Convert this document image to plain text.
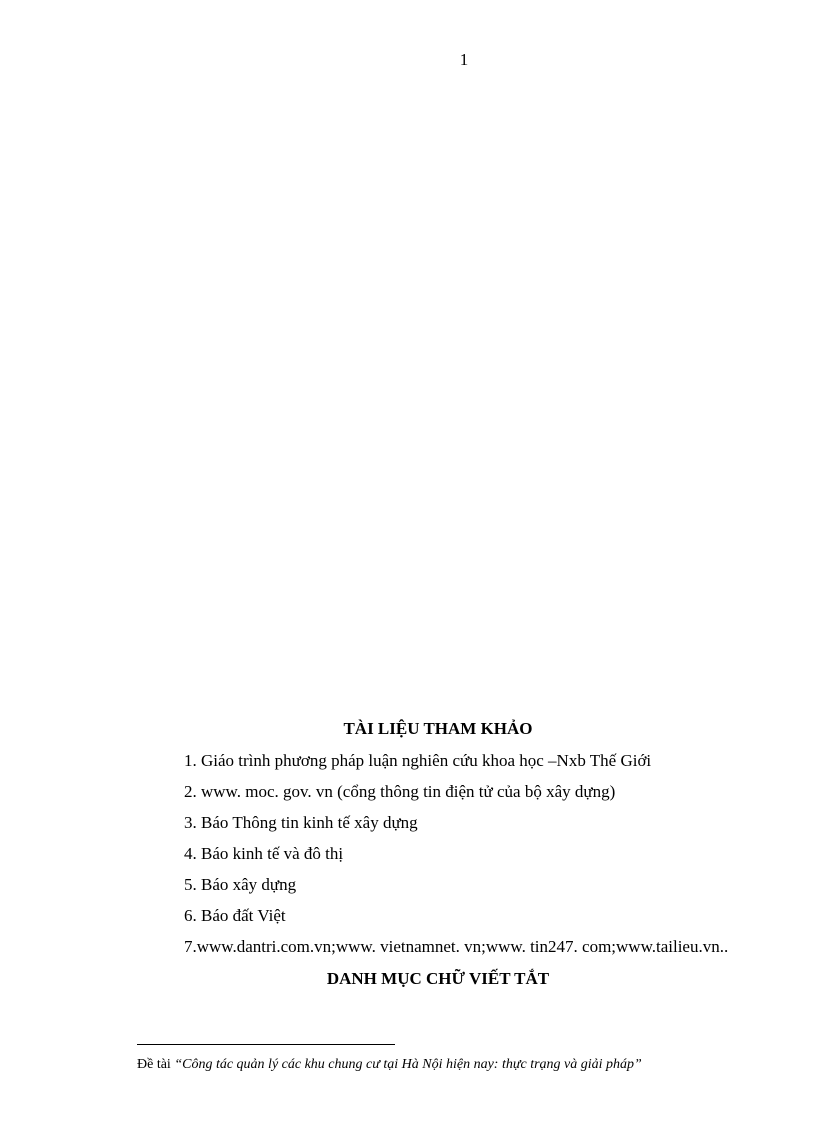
1
TÀI LIỆU THAM KHẢO
1. Giáo trình phương pháp luận nghiên cứu khoa học –Nxb Thế Giới
2. www. moc. gov. vn (cổng thông tin điện tử của bộ xây dựng)
3. Báo Thông tin kinh tế xây dựng
4. Báo kinh tế và đô thị
5. Báo xây dựng
6. Báo đất Việt
7.www.dantri.com.vn;www. vietnamnet. vn;www. tin247. com;www.tailieu.vn..
DANH MỤC CHỮ VIẾT TẮT
Đề tài “Công tác quản lý các khu chung cư tại Hà Nội hiện nay: thực trạng và giải pháp”
